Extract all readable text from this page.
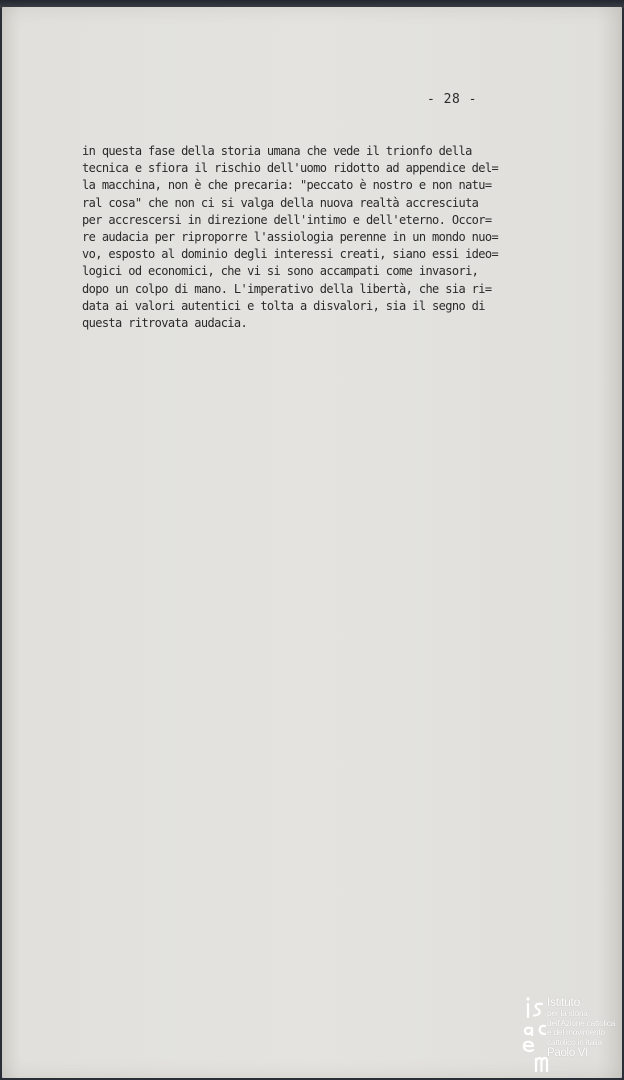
- 28 -
in questa fase della storia umana che vede il trionfo della
tecnica e sfiora il rischio dell'uomo ridotto ad appendice del=
la macchina, non è che precaria: "peccato è nostro e non natu=
ral cosa" che non ci si valga della nuova realtà accresciuta
per accrescersi in direzione dell'intimo e dell'eterno. Occor=
re audacia per riproporre l'assiologia perenne in un mondo nuo=
vo, esposto al dominio degli interessi creati, siano essi ideo=
logici od economici, che vi si sono accampati come invasori,
dopo un colpo di mano. L'imperativo della libertà, che sia ri=
data ai valori autentici e tolta a disvalori, sia il segno di
questa ritrovata audacia.
Istituto
per la storia
dell'Azione cattolica
e del movimento
cattolico in Italia
Paolo VI
